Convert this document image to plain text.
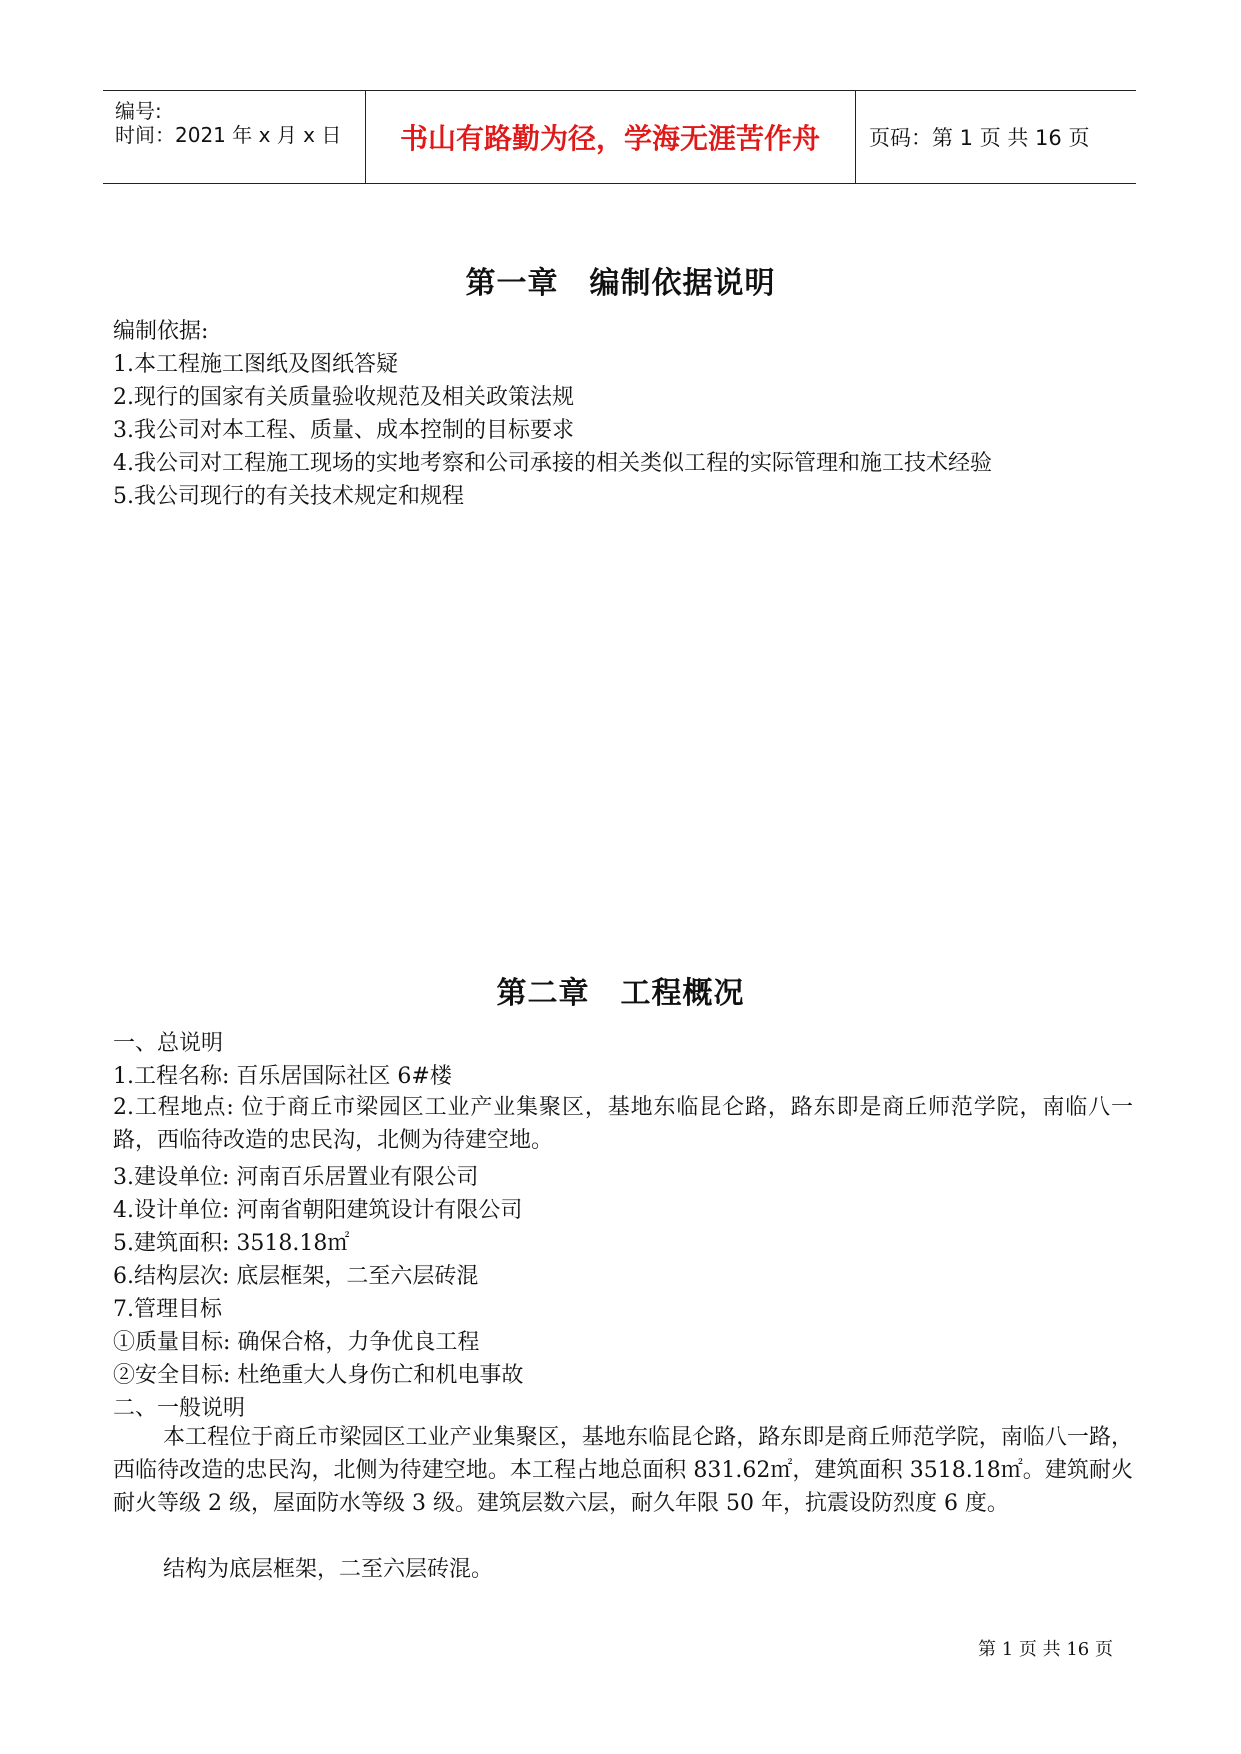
编号:
时间：2021 年 x 月 x 日	书山有路勤为径，学海无涯苦作舟	页码：第 1 页 共 16 页
第一章　编制依据说明
编制依据:
1.本工程施工图纸及图纸答疑
2.现行的国家有关质量验收规范及相关政策法规
3.我公司对本工程、质量、成本控制的目标要求
4.我公司对工程施工现场的实地考察和公司承接的相关类似工程的实际管理和施工技术经验
5.我公司现行的有关技术规定和规程
第二章　工程概况
一、总说明
1.工程名称: 百乐居国际社区 6#楼
2.工程地点: 位于商丘市梁园区工业产业集聚区，基地东临昆仑路，路东即是商丘师范学院，南临八一路，西临待改造的忠民沟，北侧为待建空地。
3.建设单位: 河南百乐居置业有限公司
4.设计单位: 河南省朝阳建筑设计有限公司
5.建筑面积: 3518.18㎡
6.结构层次: 底层框架，二至六层砖混
7.管理目标
①质量目标: 确保合格，力争优良工程
②安全目标: 杜绝重大人身伤亡和机电事故
二、一般说明
本工程位于商丘市梁园区工业产业集聚区，基地东临昆仑路，路东即是商丘师范学院，南临八一路，西临待改造的忠民沟，北侧为待建空地。本工程占地总面积 831.62㎡，建筑面积 3518.18㎡。建筑耐火耐火等级 2 级，屋面防水等级 3 级。建筑层数六层，耐久年限 50 年，抗震设防烈度 6 度。
结构为底层框架，二至六层砖混。
第 1 页 共 16 页
